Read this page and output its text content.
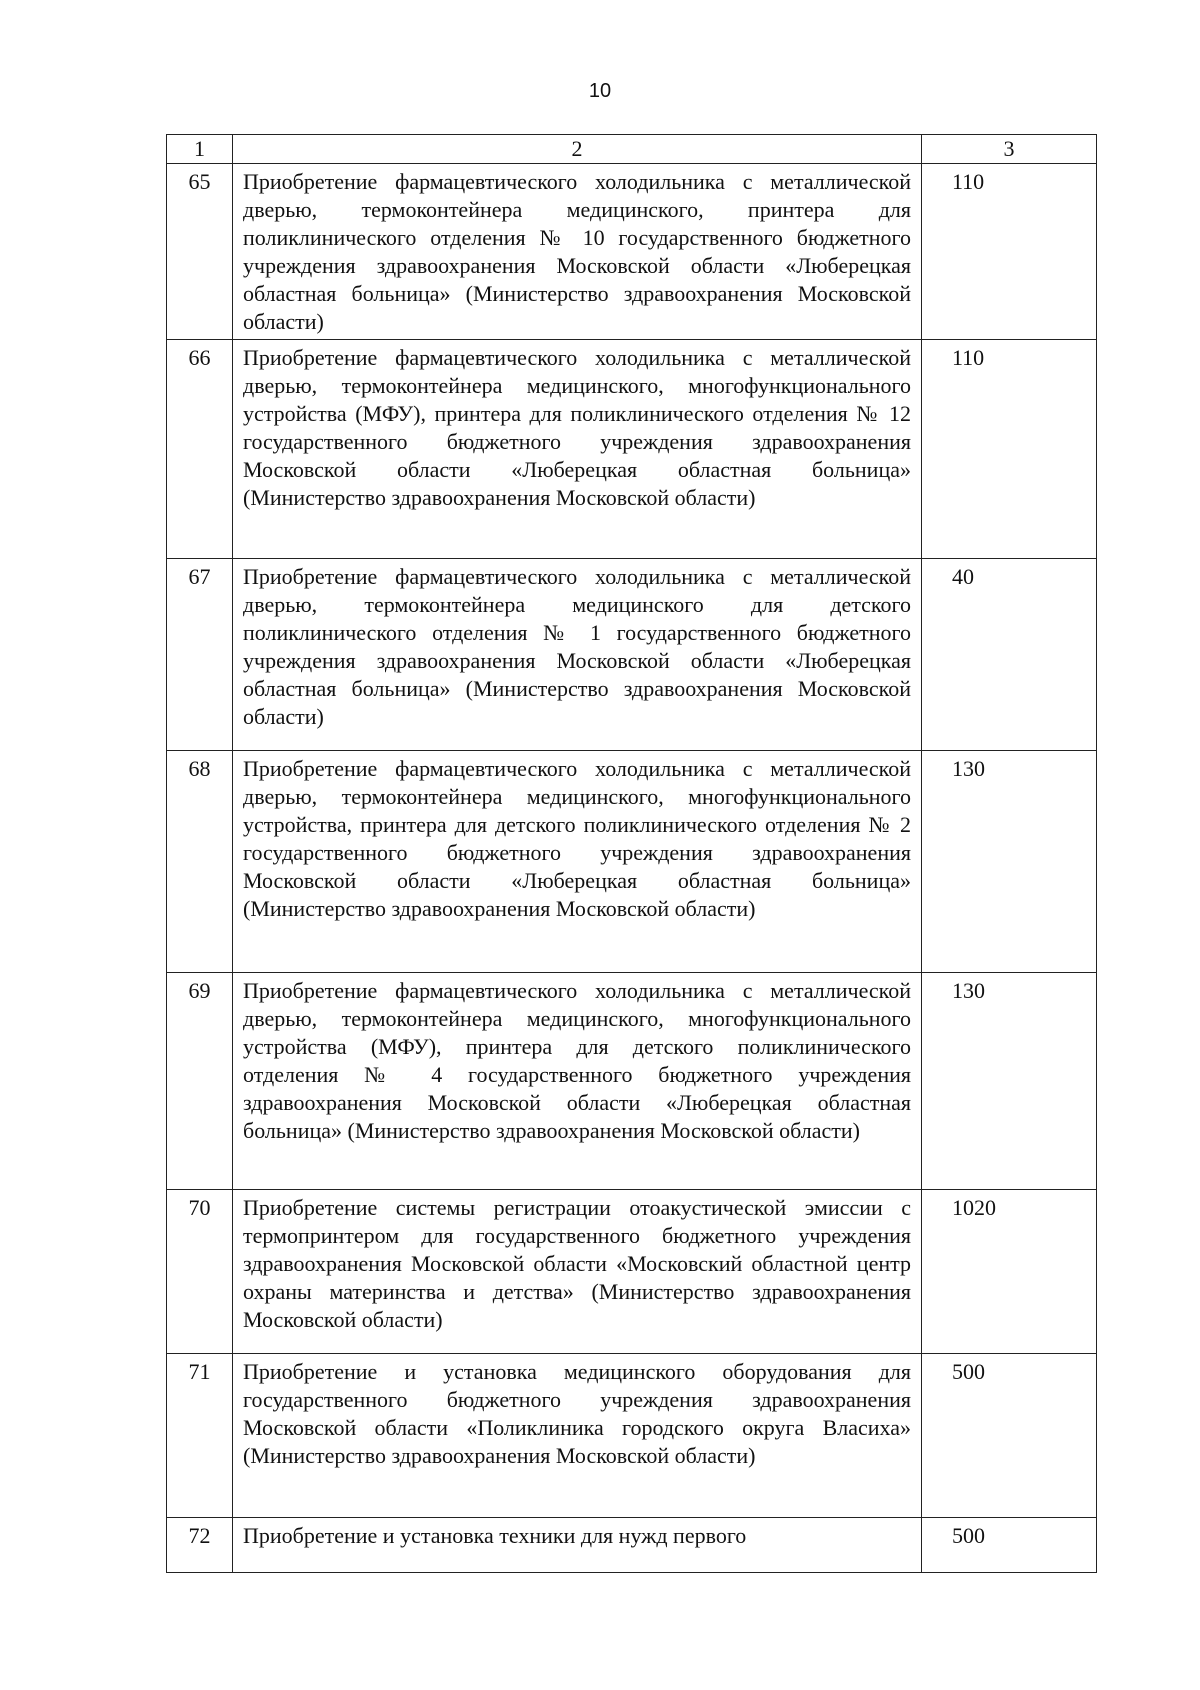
10
1	2	3
65	Приобретение фармацевтического холодильника с металлической дверью, термоконтейнера медицинского, принтера для поликлинического отделения № 10 государственного бюджетного учреждения здравоохранения Московской области «Люберецкая областная больница» (Министерство здравоохранения Московской области)	110
66	Приобретение фармацевтического холодильника с металлической дверью, термоконтейнера медицинского, многофункционального устройства (МФУ), принтера для поликлинического отделения № 12 государственного бюджетного учреждения здравоохранения Московской области «Люберецкая областная больница» (Министерство здравоохранения Московской области)	110
67	Приобретение фармацевтического холодильника с металлической дверью, термоконтейнера медицинского для детского поликлинического отделения № 1 государственного бюджетного учреждения здравоохранения Московской области «Люберецкая областная больница» (Министерство здравоохранения Московской области)	40
68	Приобретение фармацевтического холодильника с металлической дверью, термоконтейнера медицинского, многофункционального устройства, принтера для детского поликлинического отделения № 2 государственного бюджетного учреждения здравоохранения Московской области «Люберецкая областная больница» (Министерство здравоохранения Московской области)	130
69	Приобретение фармацевтического холодильника с металлической дверью, термоконтейнера медицинского, многофункционального устройства (МФУ), принтера для детского поликлинического отделения № 4 государственного бюджетного учреждения здравоохранения Московской области «Люберецкая областная больница» (Министерство здравоохранения Московской области)	130
70	Приобретение системы регистрации отоакустической эмиссии с термопринтером для государственного бюджетного учреждения здравоохранения Московской области «Московский областной центр охраны материнства и детства» (Министерство здравоохранения Московской области)	1020
71	Приобретение и установка медицинского оборудования для государственного бюджетного учреждения здравоохранения Московской области «Поликлиника городского округа Власиха» (Министерство здравоохранения Московской области)	500
72	Приобретение и установка техники для нужд первого	500
